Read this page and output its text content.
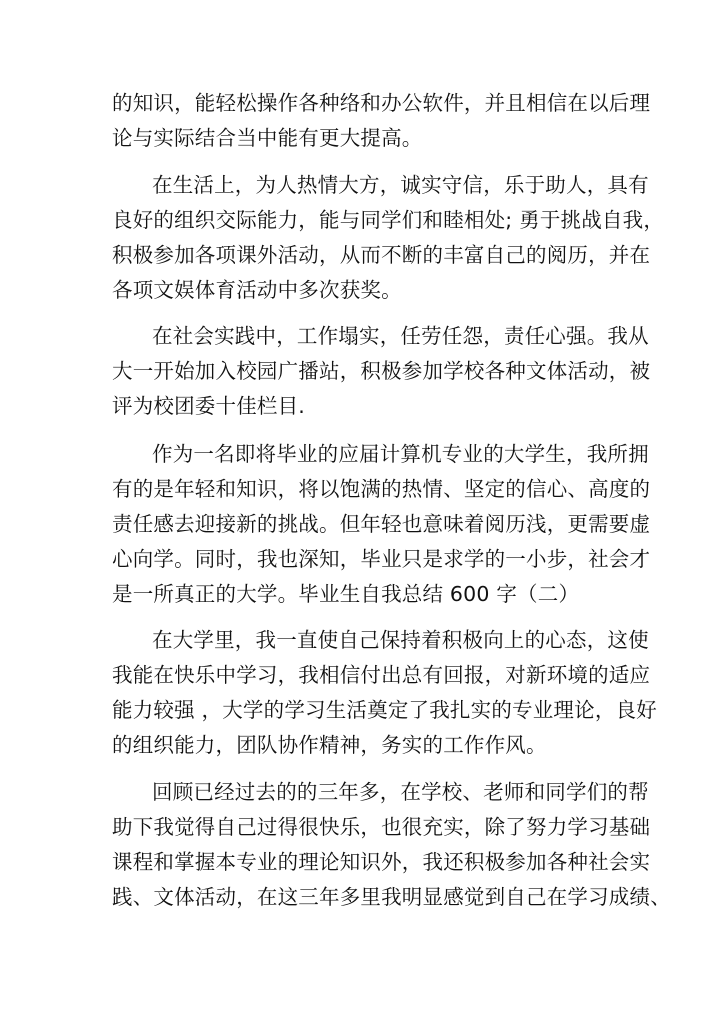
的知识，能轻松操作各种络和办公软件，并且相信在以后理
论与实际结合当中能有更大提高。
在生活上，为人热情大方，诚实守信，乐于助人，具有
良好的组织交际能力，能与同学们和睦相处; 勇于挑战自我，
积极参加各项课外活动，从而不断的丰富自己的阅历，并在
各项文娱体育活动中多次获奖。
在社会实践中，工作塌实，任劳任怨，责任心强。我从
大一开始加入校园广播站，积极参加学校各种文体活动，被
评为校团委十佳栏目.
作为一名即将毕业的应届计算机专业的大学生，我所拥
有的是年轻和知识，将以饱满的热情、坚定的信心、高度的
责任感去迎接新的挑战。但年轻也意味着阅历浅，更需要虚
心向学。同时，我也深知，毕业只是求学的一小步，社会才
是一所真正的大学。毕业生自我总结 600 字（二）
在大学里，我一直使自己保持着积极向上的心态，这使
我能在快乐中学习，我相信付出总有回报，对新环境的适应
能力较强 ，大学的学习生活奠定了我扎实的专业理论，良好
的组织能力，团队协作精神，务实的工作作风。
回顾已经过去的的三年多，在学校、老师和同学们的帮
助下我觉得自己过得很快乐，也很充实，除了努力学习基础
课程和掌握本专业的理论知识外，我还积极参加各种社会实
践、文体活动，在这三年多里我明显感觉到自己在学习成绩、
